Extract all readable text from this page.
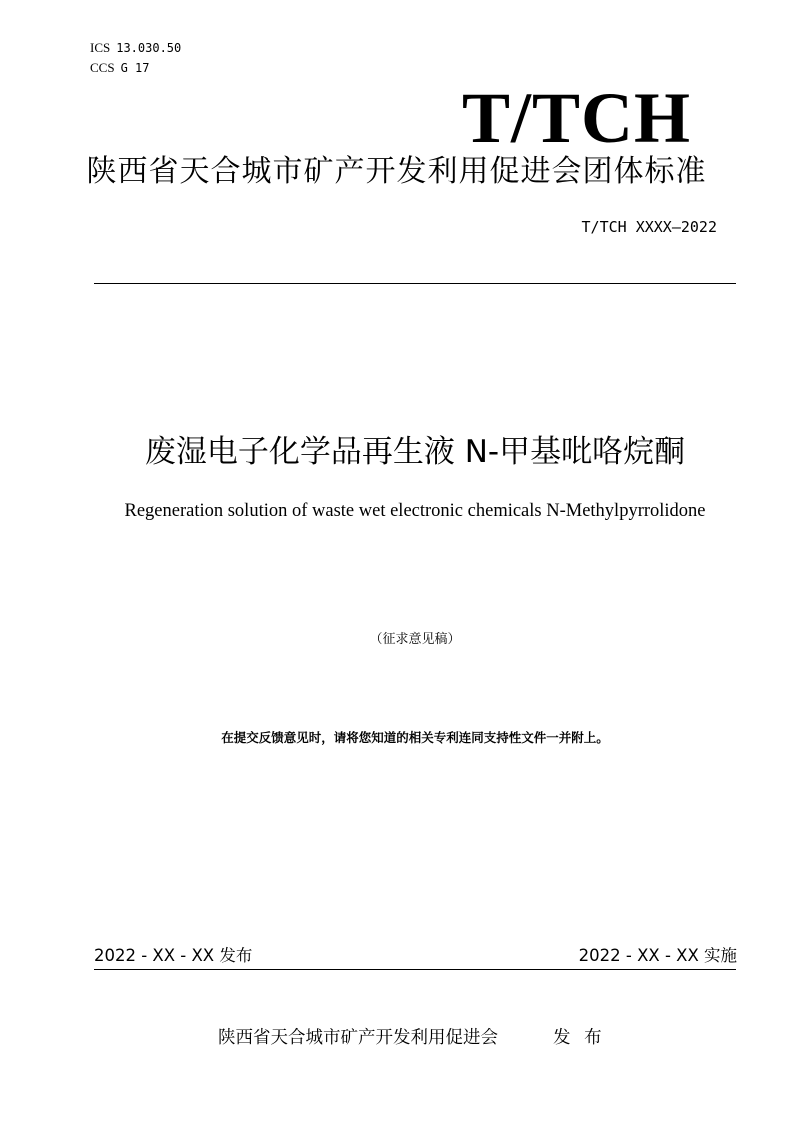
ICS 13.030.50
CCS G 17
T/TCH
陕西省天合城市矿产开发利用促进会团体标准
T/TCH XXXX—2022
废湿电子化学品再生液 N-甲基吡咯烷酮
Regeneration solution of waste wet electronic chemicals N-Methylpyrrolidone
（征求意见稿）
在提交反馈意见时，请将您知道的相关专利连同支持性文件一并附上。
2022 - XX - XX 发布	2022 - XX - XX 实施
陕西省天合城市矿产开发利用促进会	发 布
